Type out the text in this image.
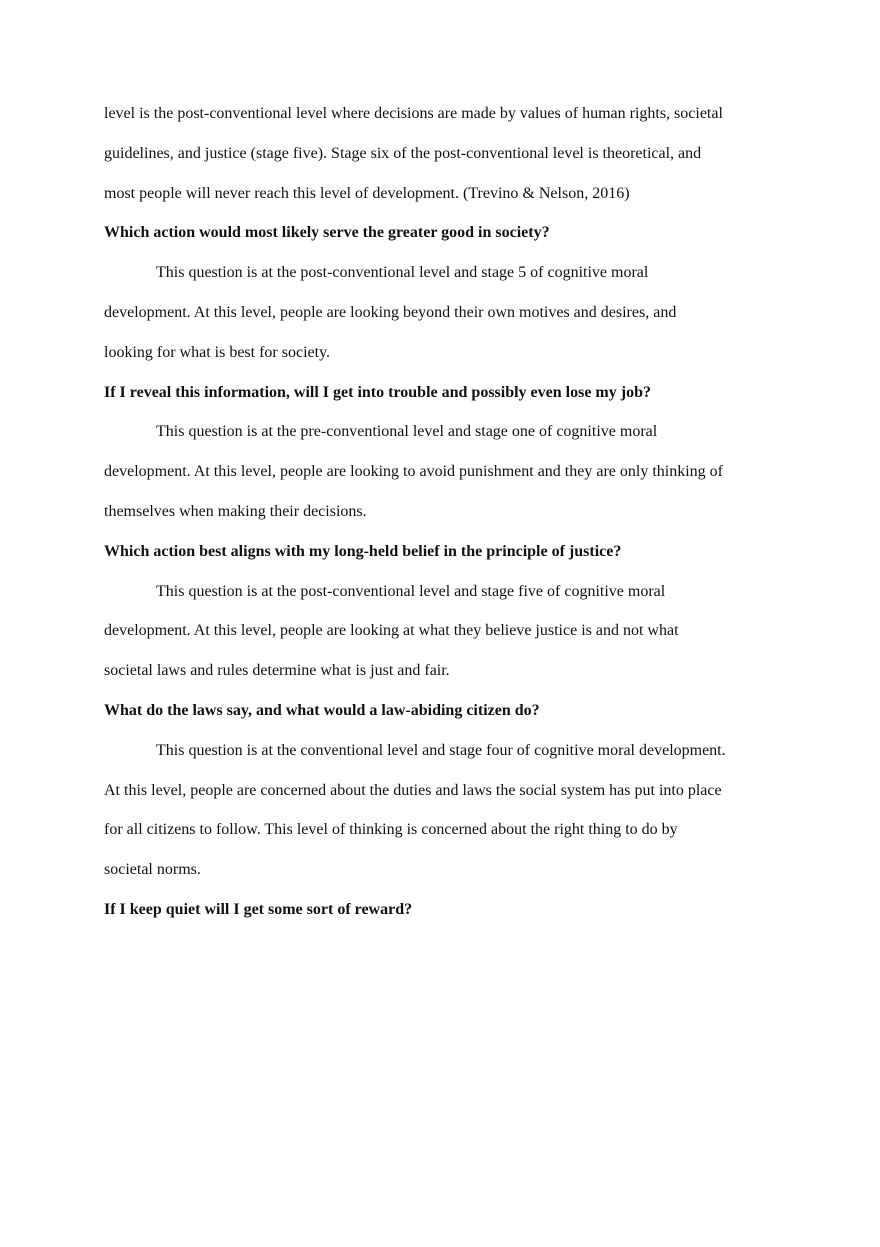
level is the post-conventional level where decisions are made by values of human rights, societal
guidelines, and justice (stage five). Stage six of the post-conventional level is theoretical, and
most people will never reach this level of development. (Trevino & Nelson, 2016)
Which action would most likely serve the greater good in society?
This question is at the post-conventional level and stage 5 of cognitive moral
development. At this level, people are looking beyond their own motives and desires, and
looking for what is best for society.
If I reveal this information, will I get into trouble and possibly even lose my job?
This question is at the pre-conventional level and stage one of cognitive moral
development. At this level, people are looking to avoid punishment and they are only thinking of
themselves when making their decisions.
Which action best aligns with my long-held belief in the principle of justice?
This question is at the post-conventional level and stage five of cognitive moral
development. At this level, people are looking at what they believe justice is and not what
societal laws and rules determine what is just and fair.
What do the laws say, and what would a law-abiding citizen do?
This question is at the conventional level and stage four of cognitive moral development.
At this level, people are concerned about the duties and laws the social system has put into place
for all citizens to follow. This level of thinking is concerned about the right thing to do by
societal norms.
If I keep quiet will I get some sort of reward?
